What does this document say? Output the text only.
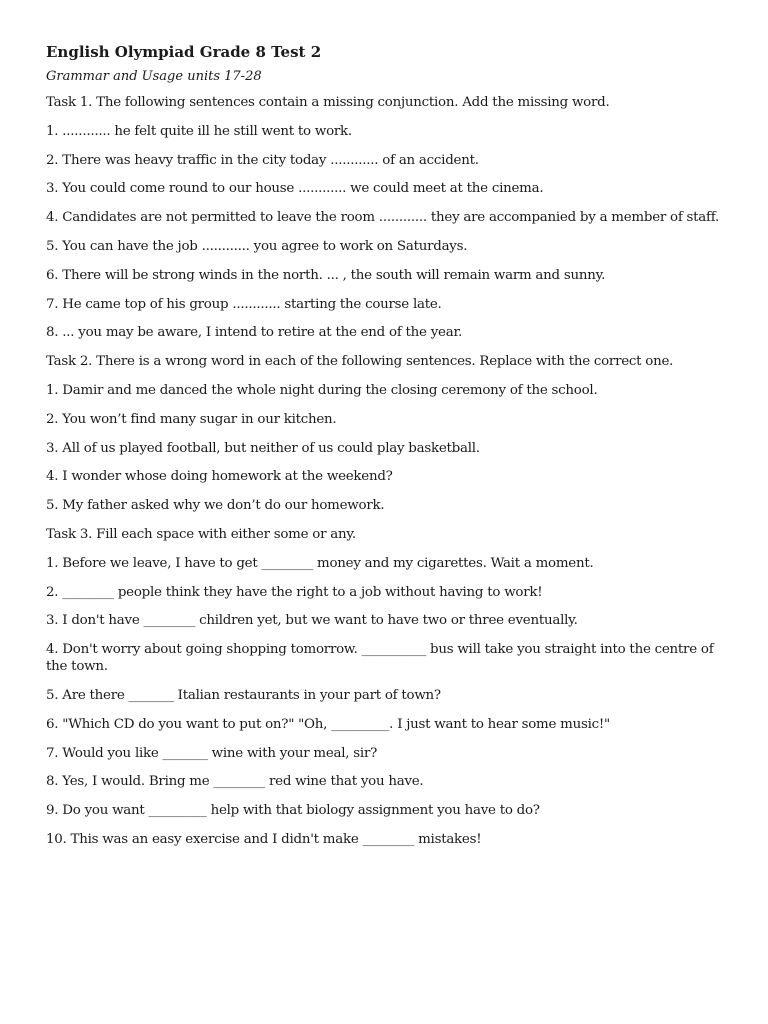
English Olympiad Grade 8 Test 2
Grammar and Usage units 17-28
Task 1. The following sentences contain a missing conjunction. Add the missing word.
1. ............ he felt quite ill he still went to work.
2. There was heavy traffic in the city today ............ of an accident.
3. You could come round to our house ............ we could meet at the cinema.
4. Candidates are not permitted to leave the room ............ they are accompanied by a member of staff.
5. You can have the job ............ you agree to work on Saturdays.
6. There will be strong winds in the north. ... , the south will remain warm and sunny.
7. He came top of his group ............ starting the course late.
8. ... you may be aware, I intend to retire at the end of the year.
Task 2. There is a wrong word in each of the following sentences. Replace with the correct one.
1. Damir and me danced the whole night during the closing ceremony of the school.
2. You won’t find many sugar in our kitchen.
3. All of us played football, but neither of us could play basketball.
4. I wonder whose doing homework at the weekend?
5. My father asked why we don’t do our homework.
Task 3. Fill each space with either some or any.
1. Before we leave, I have to get ________ money and my cigarettes. Wait a moment.
2. ________ people think they have the right to a job without having to work!
3. I don't have ________ children yet, but we want to have two or three eventually.
4. Don't worry about going shopping tomorrow. __________ bus will take you straight into the centre of the town.
5. Are there _______ Italian restaurants in your part of town?
6. "Which CD do you want to put on?" "Oh, _________. I just want to hear some music!"
7. Would you like _______ wine with your meal, sir?
8. Yes, I would. Bring me ________ red wine that you have.
9. Do you want _________ help with that biology assignment you have to do?
10. This was an easy exercise and I didn't make ________ mistakes!
